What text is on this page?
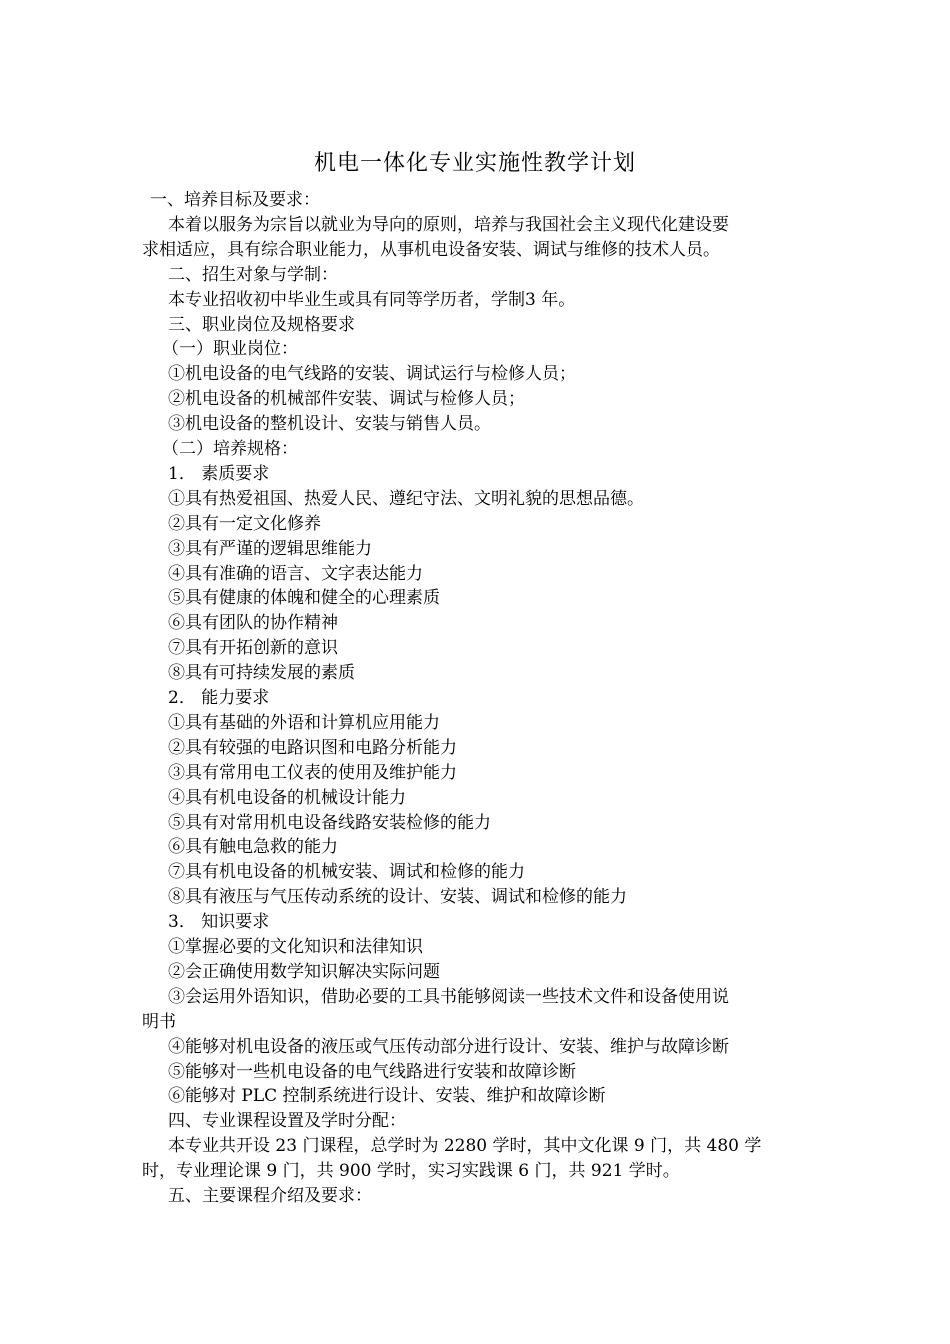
机电一体化专业实施性教学计划
一、培养目标及要求：
本着以服务为宗旨以就业为导向的原则，培养与我国社会主义现代化建设要
求相适应，具有综合职业能力，从事机电设备安装、调试与维修的技术人员。
二、招生对象与学制：
本专业招收初中毕业生或具有同等学历者，学制3 年。
三、职业岗位及规格要求
（一）职业岗位：
①机电设备的电气线路的安装、调试运行与检修人员；
②机电设备的机械部件安装、调试与检修人员；
③机电设备的整机设计、安装与销售人员。
（二）培养规格：
1． 素质要求
①具有热爱祖国、热爱人民、遵纪守法、文明礼貌的思想品德。
②具有一定文化修养
③具有严谨的逻辑思维能力
④具有准确的语言、文字表达能力
⑤具有健康的体魄和健全的心理素质
⑥具有团队的协作精神
⑦具有开拓创新的意识
⑧具有可持续发展的素质
2． 能力要求
①具有基础的外语和计算机应用能力
②具有较强的电路识图和电路分析能力
③具有常用电工仪表的使用及维护能力
④具有机电设备的机械设计能力
⑤具有对常用机电设备线路安装检修的能力
⑥具有触电急救的能力
⑦具有机电设备的机械安装、调试和检修的能力
⑧具有液压与气压传动系统的设计、安装、调试和检修的能力
3． 知识要求
①掌握必要的文化知识和法律知识
②会正确使用数学知识解决实际问题
③会运用外语知识，借助必要的工具书能够阅读一些技术文件和设备使用说
明书
④能够对机电设备的液压或气压传动部分进行设计、安装、维护与故障诊断
⑤能够对一些机电设备的电气线路进行安装和故障诊断
⑥能够对 PLC 控制系统进行设计、安装、维护和故障诊断
四、专业课程设置及学时分配：
本专业共开设 23 门课程，总学时为 2280 学时，其中文化课 9 门，共 480 学
时，专业理论课 9 门，共 900 学时，实习实践课 6 门，共 921 学时。
五、主要课程介绍及要求：
